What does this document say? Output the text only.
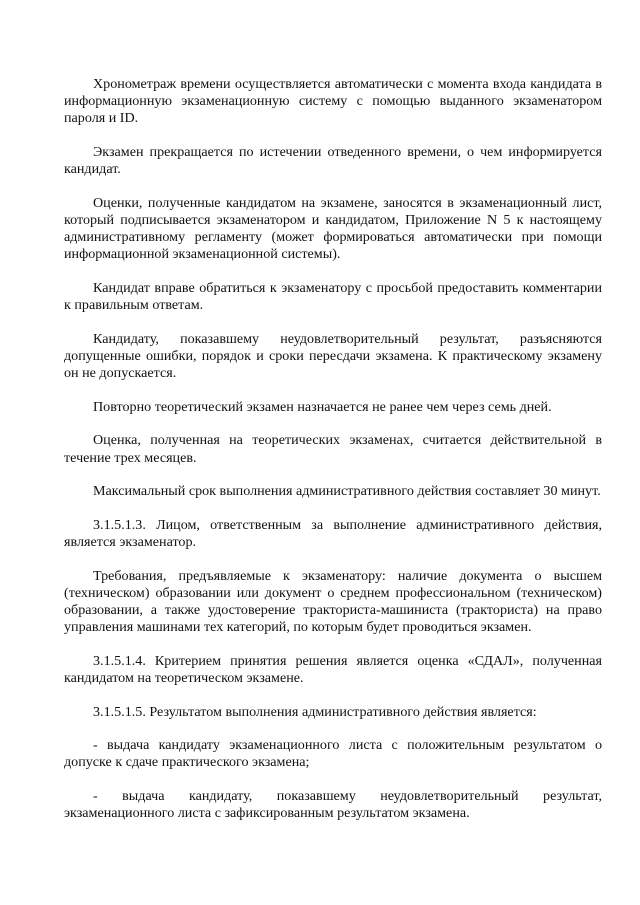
Хронометраж времени осуществляется автоматически с момента входа кандидата в информационную экзаменационную систему с помощью выданного экзаменатором пароля и ID.

Экзамен прекращается по истечении отведенного времени, о чем информируется кандидат.

Оценки, полученные кандидатом на экзамене, заносятся в экзаменационный лист, который подписывается экзаменатором и кандидатом, Приложение N 5 к настоящему административному регламенту (может формироваться автоматически при помощи информационной экзаменационной системы).

Кандидат вправе обратиться к экзаменатору с просьбой предоставить комментарии к правильным ответам.

Кандидату, показавшему неудовлетворительный результат, разъясняются допущенные ошибки, порядок и сроки пересдачи экзамена. К практическому экзамену он не допускается.

Повторно теоретический экзамен назначается не ранее чем через семь дней.

Оценка, полученная на теоретических экзаменах, считается действительной в течение трех месяцев.

Максимальный срок выполнения административного действия составляет 30 минут.

3.1.5.1.3. Лицом, ответственным за выполнение административного действия, является экзаменатор.

Требования, предъявляемые к экзаменатору: наличие документа о высшем (техническом) образовании или документ о среднем профессиональном (техническом) образовании, а также удостоверение тракториста-машиниста (тракториста) на право управления машинами тех категорий, по которым будет проводиться экзамен.

3.1.5.1.4. Критерием принятия решения является оценка «СДАЛ», полученная кандидатом на теоретическом экзамене.

3.1.5.1.5. Результатом выполнения административного действия является:

- выдача кандидату экзаменационного листа с положительным результатом о допуске к сдаче практического экзамена;

- выдача кандидату, показавшему неудовлетворительный результат, экзаменационного листа с зафиксированным результатом экзамена.
